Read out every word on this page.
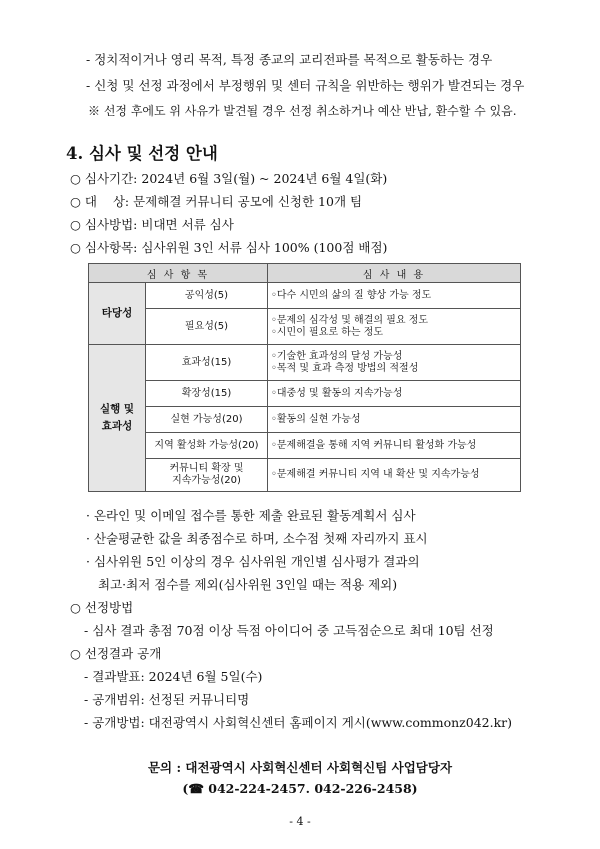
- 정치적이거나 영리 목적, 특정 종교의 교리전파를 목적으로 활동하는 경우
- 신청 및 선정 과정에서 부정행위 및 센터 규칙을 위반하는 행위가 발견되는 경우
※ 선정 후에도 위 사유가 발견될 경우 선정 취소하거나 예산 반납, 환수할 수 있음.
4. 심사 및 선정 안내
○ 심사기간: 2024년 6월 3일(월) ~ 2024년 6월 4일(화)
○ 대    상: 문제해결 커뮤니티 공모에 신청한 10개 팀
○ 심사방법: 비대면 서류 심사
○ 심사항목: 심사위원 3인 서류 심사 100% (100점 배점)
심 사 항 목		심 사 내 용
타당성	공익성(5)	◦다수 시민의 삶의 질 향상 가능 정도

	필요성(5)	◦문제의 심각성 및 해결의 필요 정도
◦시민이 필요로 하는 정도

실행 및
효과성	효과성(15)	◦기술한 효과성의 달성 가능성
◦목적 및 효과 측정 방법의 적절성

	확장성(15)	◦대중성 및 활동의 지속가능성

	실현 가능성(20)	◦활동의 실현 가능성

	지역 활성화 가능성(20)	◦문제해결을 통해 지역 커뮤니티 활성화 가능성

	커뮤니티 확장 및
지속가능성(20)	◦문제해결 커뮤니티 지역 내 확산 및 지속가능성
· 온라인 및 이메일 접수를 통한 제출 완료된 활동계획서 심사
· 산술평균한 값을 최종점수로 하며, 소수점 첫째 자리까지 표시
· 심사위원 5인 이상의 경우 심사위원 개인별 심사평가 결과의
최고·최저 점수를 제외(심사위원 3인일 때는 적용 제외)
○ 선정방법
- 심사 결과 총점 70점 이상 득점 아이디어 중 고득점순으로 최대 10팀 선정
○ 선정결과 공개
- 결과발표: 2024년 6월 5일(수)
- 공개범위: 선정된 커뮤니티명
- 공개방법: 대전광역시 사회혁신센터 홈페이지 게시(www.commonz042.kr)
문의 : 대전광역시 사회혁신센터 사회혁신팀 사업담당자
(☎ 042-224-2457. 042-226-2458)
- 4 -
